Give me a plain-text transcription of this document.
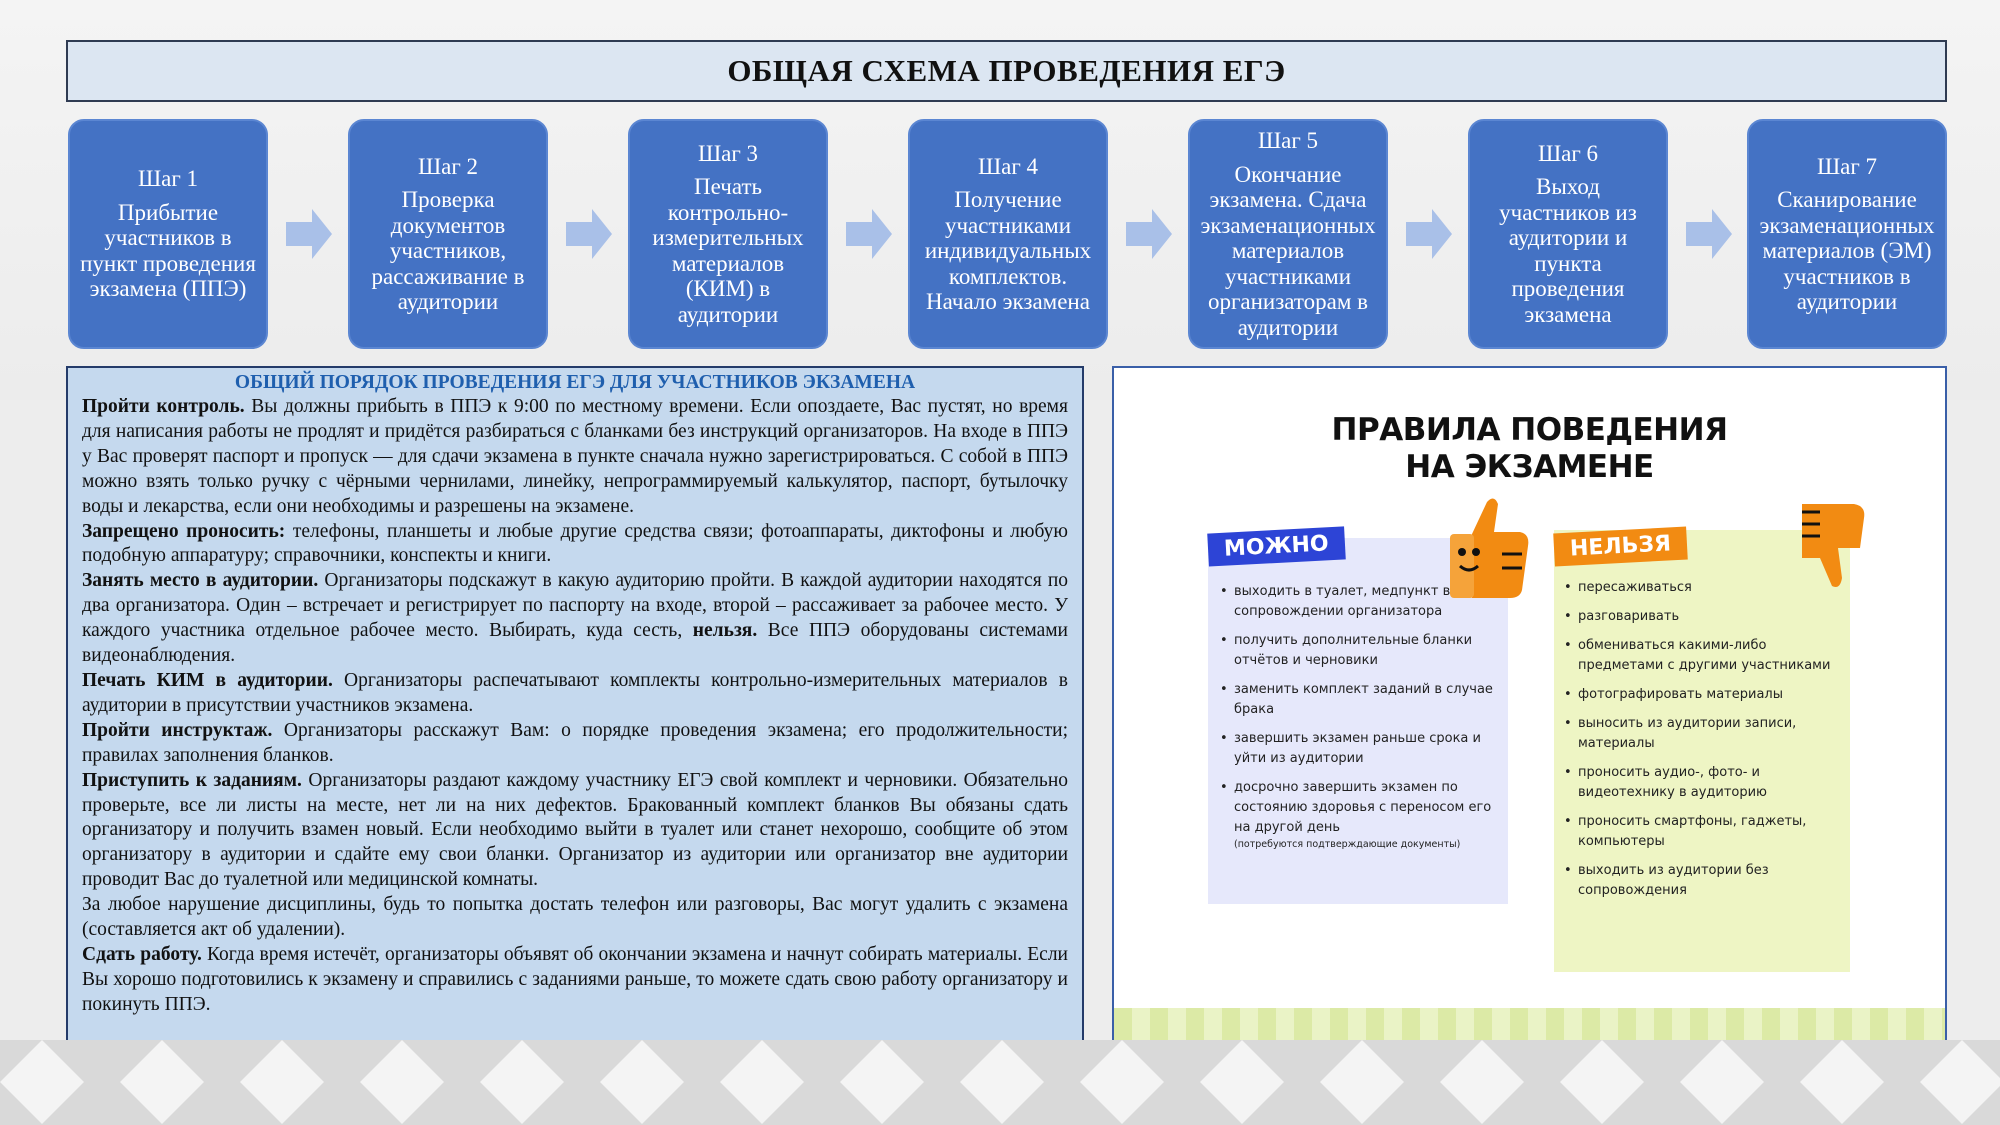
ОБЩАЯ СХЕМА ПРОВЕДЕНИЯ ЕГЭ
Шаг 1
Прибытие участников в пункт проведения экзамена (ППЭ)
Шаг 2
Проверка документов участников, рассаживание в аудитории
Шаг 3
Печать контрольно-измерительных материалов (КИМ) в аудитории
Шаг 4
Получение участниками индивидуальных комплектов. Начало экзамена
Шаг 5
Окончание экзамена. Сдача экзаменационных материалов участниками организаторам в аудитории
Шаг 6
Выход участников из аудитории и пункта проведения экзамена
Шаг 7
Сканирование экзаменационных материалов (ЭМ) участников в аудитории
ОБЩИЙ ПОРЯДОК ПРОВЕДЕНИЯ ЕГЭ ДЛЯ УЧАСТНИКОВ ЭКЗАМЕНА

Пройти контроль. Вы должны прибыть в ППЭ к 9:00 по местному времени. Если опоздаете, Вас пустят, но время для написания работы не продлят и придётся разбираться с бланками без инструкций организаторов. На входе в ППЭ у Вас проверят паспорт и пропуск — для сдачи экзамена в пункте сначала нужно зарегистрироваться. С собой в ППЭ можно взять только ручку с чёрными чернилами, линейку, непрограммируемый калькулятор, паспорт, бутылочку воды и лекарства, если они необходимы и разрешены на экзамене.

Запрещено проносить: телефоны, планшеты и любые другие средства связи; фотоаппараты, диктофоны и любую подобную аппаратуру; справочники, конспекты и книги.

Занять место в аудитории. Организаторы подскажут в какую аудиторию пройти. В каждой аудитории находятся по два организатора. Один – встречает и регистрирует по паспорту на входе, второй – рассаживает за рабочее место. У каждого участника отдельное рабочее место. Выбирать, куда сесть, нельзя. Все ППЭ оборудованы системами видеонаблюдения.

Печать КИМ в аудитории. Организаторы распечатывают комплекты контрольно-измерительных материалов в аудитории в присутствии участников экзамена.

Пройти инструктаж. Организаторы расскажут Вам: о порядке проведения экзамена; его продолжительности; правилах заполнения бланков.

Приступить к заданиям. Организаторы раздают каждому участнику ЕГЭ свой комплект и черновики. Обязательно проверьте, все ли листы на месте, нет ли на них дефектов. Бракованный комплект бланков Вы обязаны сдать организатору и получить взамен новый. Если необходимо выйти в туалет или станет нехорошо, сообщите об этом организатору в аудитории и сдайте ему свои бланки. Организатор из аудитории или организатор вне аудитории проводит Вас до туалетной или медицинской комнаты.

За любое нарушение дисциплины, будь то попытка достать телефон или разговоры, Вас могут удалить с экзамена (составляется акт об удалении).

Сдать работу. Когда время истечёт, организаторы объявят об окончании экзамена и начнут собирать материалы. Если Вы хорошо подготовились к экзамену и справились с заданиями раньше, то можете сдать свою работу организатору и покинуть ППЭ.

ПРАВИЛА ПОВЕДЕНИЯ
НА ЭКЗАМЕНЕ
МОЖНО	НЕЛЬЗЯ
• выходить в туалет, медпункт в сопровождении организатора
• получить дополнительные бланки отчётов и черновики
• заменить комплект заданий в случае брака
• завершить экзамен раньше срока и уйти из аудитории
• досрочно завершить экзамен по состоянию здоровья с переносом его на другой день
(потребуются подтверждающие документы)
• пересаживаться
• разговаривать
• обмениваться какими-либо предметами с другими участниками
• фотографировать материалы
• выносить из аудитории записи, материалы
• проносить аудио-, фото- и видеотехнику в аудиторию
• проносить смартфоны, гаджеты, компьютеры
• выходить из аудитории без сопровождения
